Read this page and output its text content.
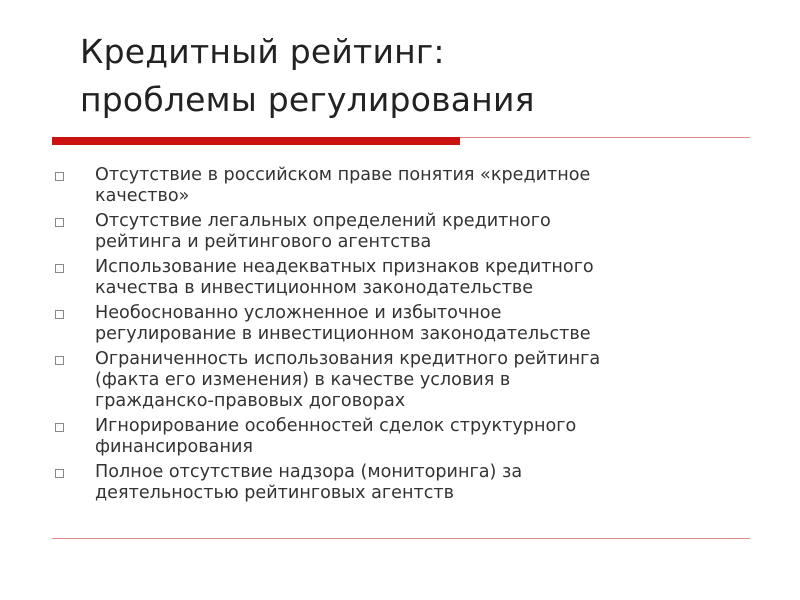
Кредитный рейтинг:
проблемы регулирования
Отсутствие в российском праве понятия «кредитное
качество»
Отсутствие легальных определений кредитного
рейтинга и рейтингового агентства
Использование неадекватных признаков кредитного
качества в инвестиционном законодательстве
Необоснованно усложненное и избыточное
регулирование в инвестиционном законодательстве
Ограниченность использования кредитного рейтинга
(факта его изменения) в качестве условия в
гражданско-правовых договорах
Игнорирование особенностей сделок структурного
финансирования
Полное отсутствие надзора (мониторинга) за
деятельностью рейтинговых агентств
